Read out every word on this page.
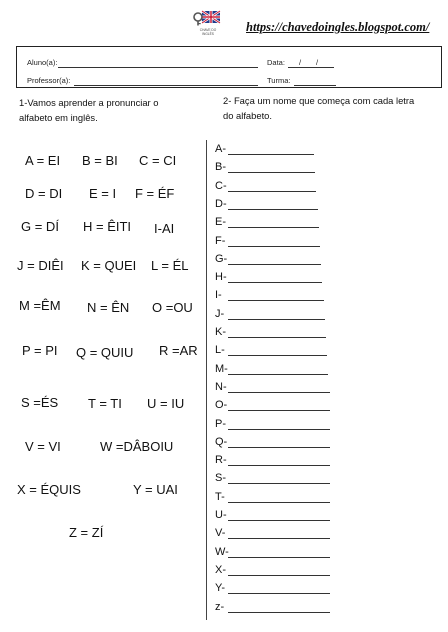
CHAVE DO INGLÊS	https://chavedoingles.blogspot.com/
Aluno(a):	Data: / /
Professor(a):	Turma:
1-Vamos aprender a pronunciar o
alfabeto em inglês.
2- Faça um nome que começa com cada letra
do alfabeto.
A = EI B = BI C = CI
D = DI E = I F = ÉF
G = DÍ H = ÊITI I-AI
J = DIÊI K = QUEI L = ÉL
M =ÊM N = ÊN O =OU
P = PI Q = QUIU R =AR
S =ÉS T = TI U = IU
V = VI	W =DÂBOIU
X = ÉQUIS	Y = UAI
Z = ZÍ
A-
B-
C-
D-
E-
F-
G-
H-
I-
J-
K-
L-
M-
N-
O-
P-
Q-
R-
S-
T-
U-
V-
W-
X-
Y-
z-
